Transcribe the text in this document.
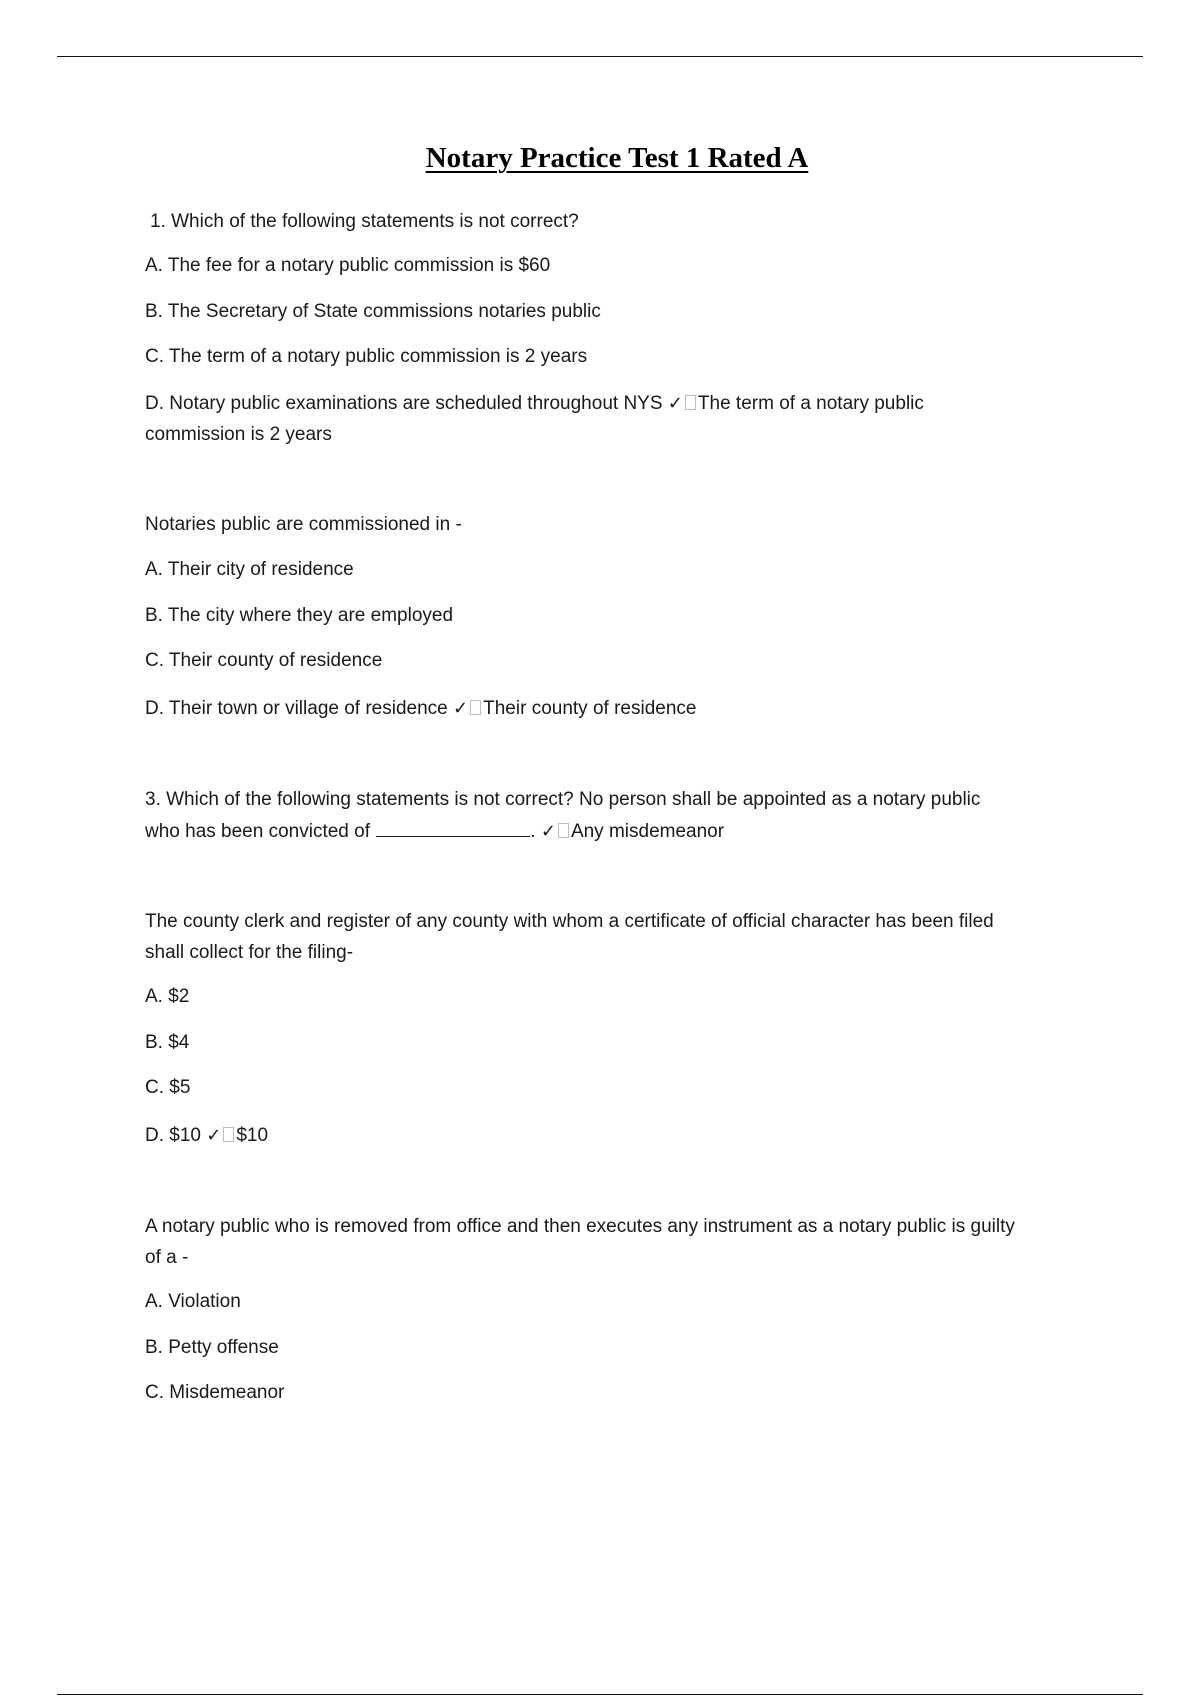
Notary Practice Test 1 Rated A
1. Which of the following statements is not correct?
A. The fee for a notary public commission is $60
B. The Secretary of State commissions notaries public
C. The term of a notary public commission is 2 years
D. Notary public examinations are scheduled throughout NYS ✓ The term of a notary public
commission is 2 years
Notaries public are commissioned in -
A. Their city of residence
B. The city where they are employed
C. Their county of residence
D. Their town or village of residence ✓ Their county of residence
3. Which of the following statements is not correct? No person shall be appointed as a notary public
who has been convicted of	. ✓ Any misdemeanor
The county clerk and register of any county with whom a certificate of official character has been filed
shall collect for the filing-
A. $2
B. $4
C. $5
D. $10 ✓ $10
A notary public who is removed from office and then executes any instrument as a notary public is guilty
of a -
A. Violation
B. Petty offense
C. Misdemeanor
